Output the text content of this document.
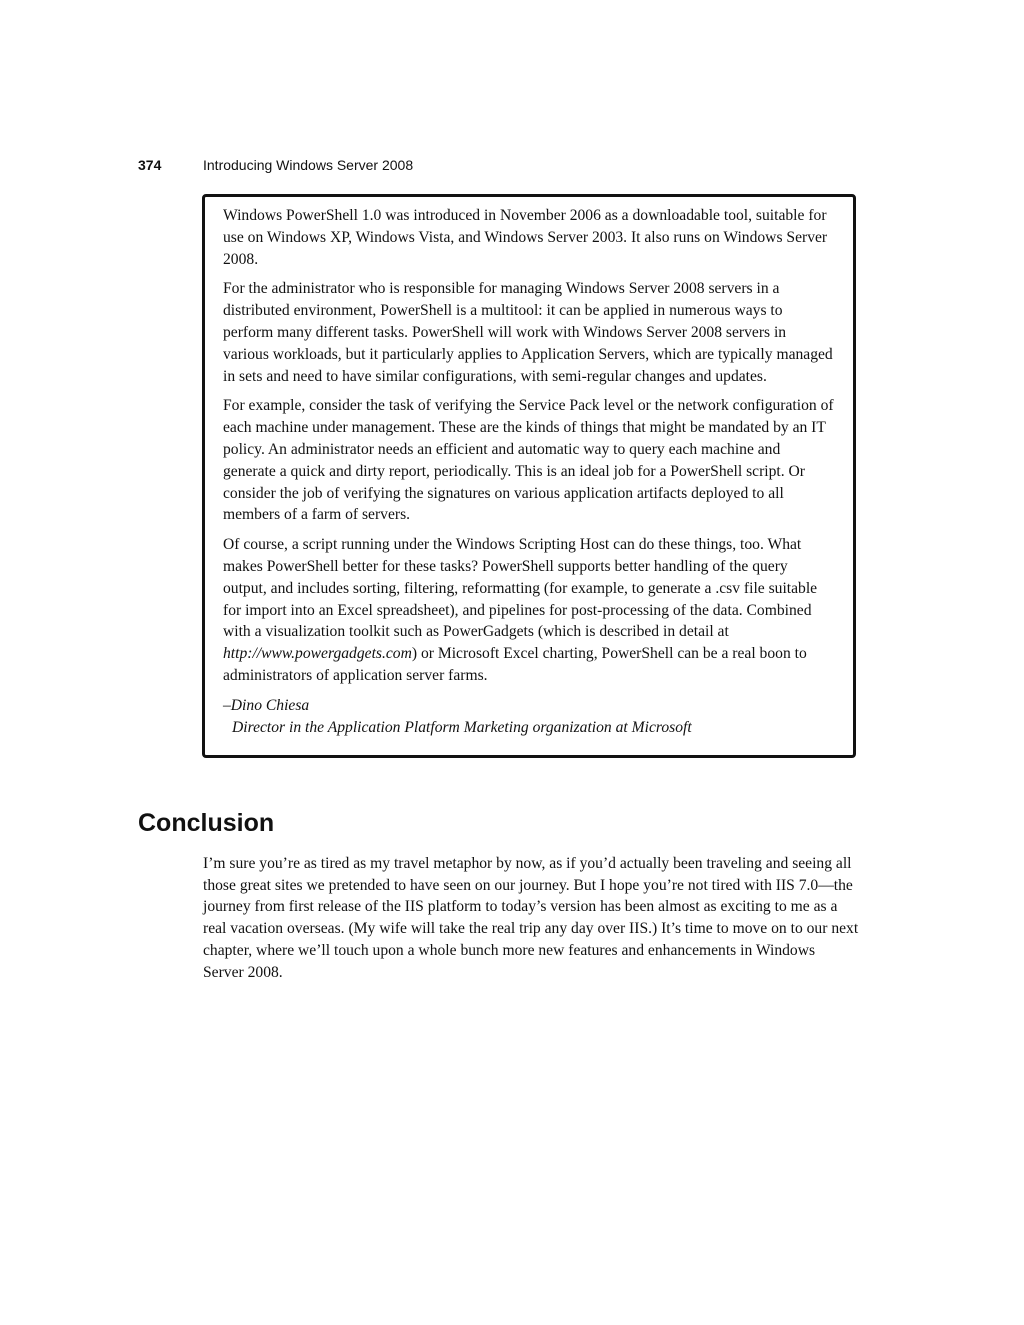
374	Introducing Windows Server 2008

Windows PowerShell 1.0 was introduced in November 2006 as a downloadable tool, suitable for use on Windows XP, Windows Vista, and Windows Server 2003. It also runs on Windows Server 2008.

For the administrator who is responsible for managing Windows Server 2008 servers in a distributed environment, PowerShell is a multitool: it can be applied in numerous ways to perform many different tasks. PowerShell will work with Windows Server 2008 servers in various workloads, but it particularly applies to Application Servers, which are typically managed in sets and need to have similar configurations, with semi-regular changes and updates.

For example, consider the task of verifying the Service Pack level or the network configuration of each machine under management. These are the kinds of things that might be mandated by an IT policy. An administrator needs an efficient and automatic way to query each machine and generate a quick and dirty report, periodically. This is an ideal job for a PowerShell script. Or consider the job of verifying the signatures on various application artifacts deployed to all members of a farm of servers.

Of course, a script running under the Windows Scripting Host can do these things, too. What makes PowerShell better for these tasks? PowerShell supports better handling of the query output, and includes sorting, filtering, reformatting (for example, to generate a .csv file suitable for import into an Excel spreadsheet), and pipelines for post-processing of the data. Combined with a visualization toolkit such as PowerGadgets (which is described in detail at http://www.powergadgets.com) or Microsoft Excel charting, PowerShell can be a real boon to administrators of application server farms.

–Dino Chiesa
Director in the Application Platform Marketing organization at Microsoft
Conclusion

I’m sure you’re as tired as my travel metaphor by now, as if you’d actually been traveling and seeing all those great sites we pretended to have seen on our journey. But I hope you’re not tired with IIS 7.0—the journey from first release of the IIS platform to today’s version has been almost as exciting to me as a real vacation overseas. (My wife will take the real trip any day over IIS.) It’s time to move on to our next chapter, where we’ll touch upon a whole bunch more new features and enhancements in Windows Server 2008.
